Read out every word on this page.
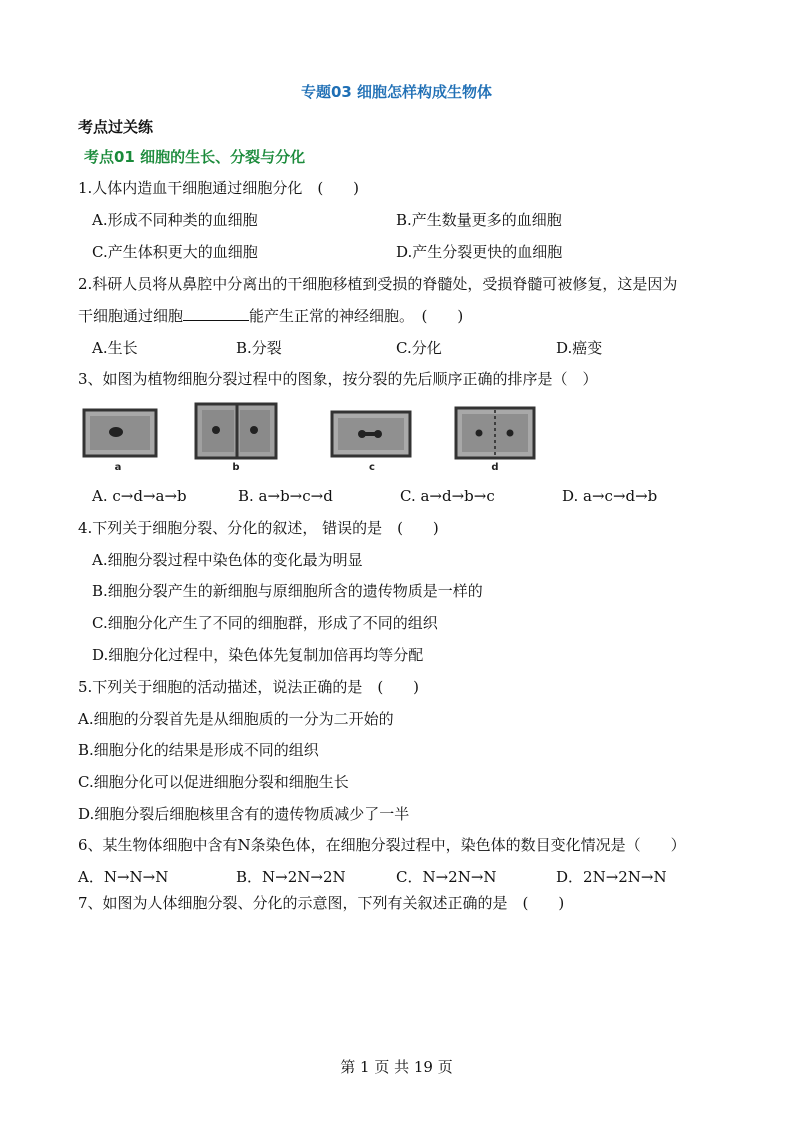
专题03 细胞怎样构成生物体
考点过关练
考点01 细胞的生长、分裂与分化
1.人体内造血干细胞通过细胞分化　(　　)
A.形成不同种类的血细胞	B.产生数量更多的血细胞
C.产生体积更大的血细胞	D.产生分裂更快的血细胞
2.科研人员将从鼻腔中分离出的干细胞移植到受损的脊髓处，受损脊髓可被修复，这是因为
干细胞通过细胞	能产生正常的神经细胞。　(　　)
A.生长	B.分裂	C.分化	D.癌变
3、如图为植物细胞分裂过程中的图象，按分裂的先后顺序正确的排序是（　）
a	b	c	d
A. c→d→a→b	B. a→b→c→d	C. a→d→b→c	D. a→c→d→b
4.下列关于细胞分裂、分化的叙述， 错误的是　(　　)
A.细胞分裂过程中染色体的变化最为明显
B.细胞分裂产生的新细胞与原细胞所含的遗传物质是一样的
C.细胞分化产生了不同的细胞群，形成了不同的组织
D.细胞分化过程中，染色体先复制加倍再均等分配
5.下列关于细胞的活动描述，说法正确的是　(　　)
A.细胞的分裂首先是从细胞质的一分为二开始的
B.细胞分化的结果是形成不同的组织
C.细胞分化可以促进细胞分裂和细胞生长
D.细胞分裂后细胞核里含有的遗传物质减少了一半
6、某生物体细胞中含有N条染色体，在细胞分裂过程中，染色体的数目变化情况是（　　）
A．N→N→N	B．N→2N→2N	C．N→2N→N	D．2N→2N→N
7、如图为人体细胞分裂、分化的示意图，下列有关叙述正确的是　(　　)
第 1 页 共 19 页
